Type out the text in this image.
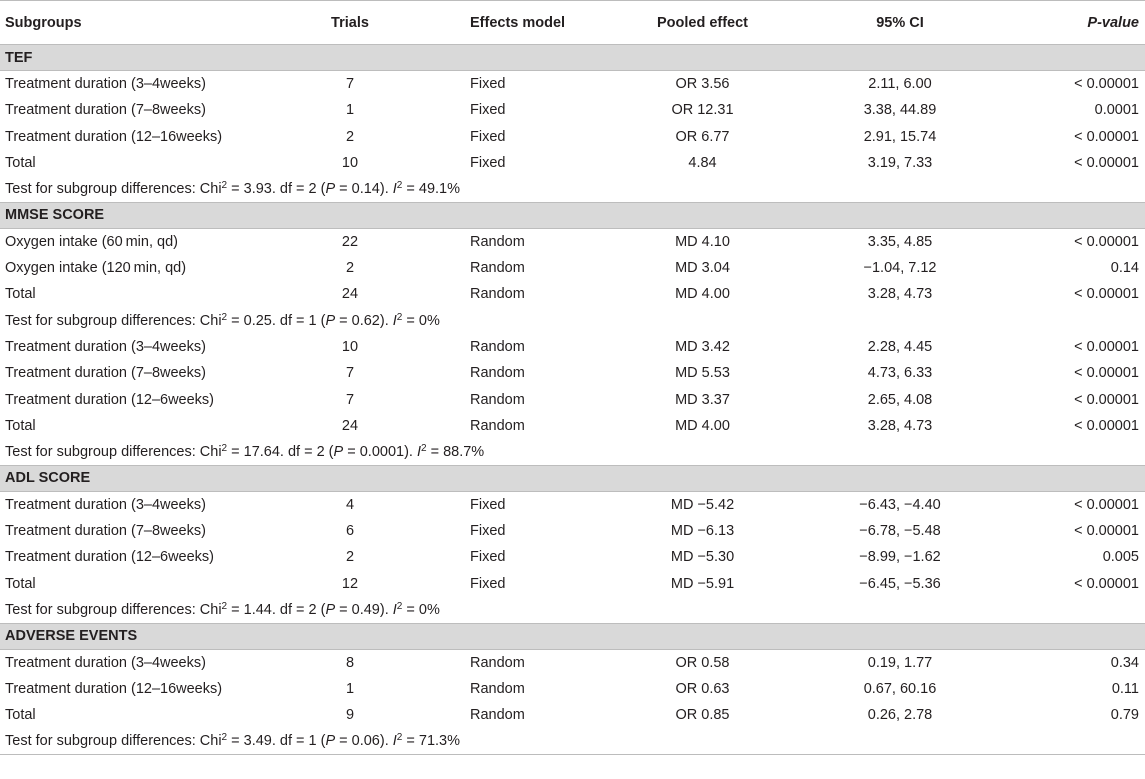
Subgroups	Trials	Effects model	Pooled effect	95% CI	P-value
TEF					
Treatment duration (3–4weeks)	7	Fixed	OR 3.56	2.11, 6.00	< 0.00001
Treatment duration (7–8weeks)	1	Fixed	OR 12.31	3.38, 44.89	0.0001
Treatment duration (12–16weeks)	2	Fixed	OR 6.77	2.91, 15.74	< 0.00001
Total	10	Fixed	4.84	3.19, 7.33	< 0.00001
Test for subgroup differences: Chi$^2$ = 3.93. df = 2 (P = 0.14). $I^2 = 49.1\%$					
MMSE SCORE					
Oxygen intake (60 min, qd)	22	Random	MD 4.10	3.35, 4.85	< 0.00001
Oxygen intake (120 min, qd)	2	Random	MD 3.04	−1.04, 7.12	0.14
Total	24	Random	MD 4.00	3.28, 4.73	< 0.00001
Test for subgroup differences: Chi$^2$ = 0.25. df = 1 (P = 0.62). $I^2 = 0\%$					
Treatment duration (3–4weeks)	10	Random	MD 3.42	2.28, 4.45	< 0.00001
Treatment duration (7–8weeks)	7	Random	MD 5.53	4.73, 6.33	< 0.00001
Treatment duration (12–6weeks)	7	Random	MD 3.37	2.65, 4.08	< 0.00001
Total	24	Random	MD 4.00	3.28, 4.73	< 0.00001
Test for subgroup differences: Chi$^2$ = 17.64. df = 2 (P = 0.0001). $I^2 = 88.7\%$					
ADL SCORE					
Treatment duration (3–4weeks)	4	Fixed	MD −5.42	−6.43, −4.40	< 0.00001
Treatment duration (7–8weeks)	6	Fixed	MD −6.13	−6.78, −5.48	< 0.00001
Treatment duration (12–6weeks)	2	Fixed	MD −5.30	−8.99, −1.62	0.005
Total	12	Fixed	MD −5.91	−6.45, −5.36	< 0.00001
Test for subgroup differences: Chi$^2$ = 1.44. df = 2 (P = 0.49). $I^2 = 0\%$					
ADVERSE EVENTS					
Treatment duration (3–4weeks)	8	Random	OR 0.58	0.19, 1.77	0.34
Treatment duration (12–16weeks)	1	Random	OR 0.63	0.67, 60.16	0.11
Total	9	Random	OR 0.85	0.26, 2.78	0.79
Test for subgroup differences: Chi$^2$ = 3.49. df = 1 (P = 0.06). $I^2 = 71.3\%$					
